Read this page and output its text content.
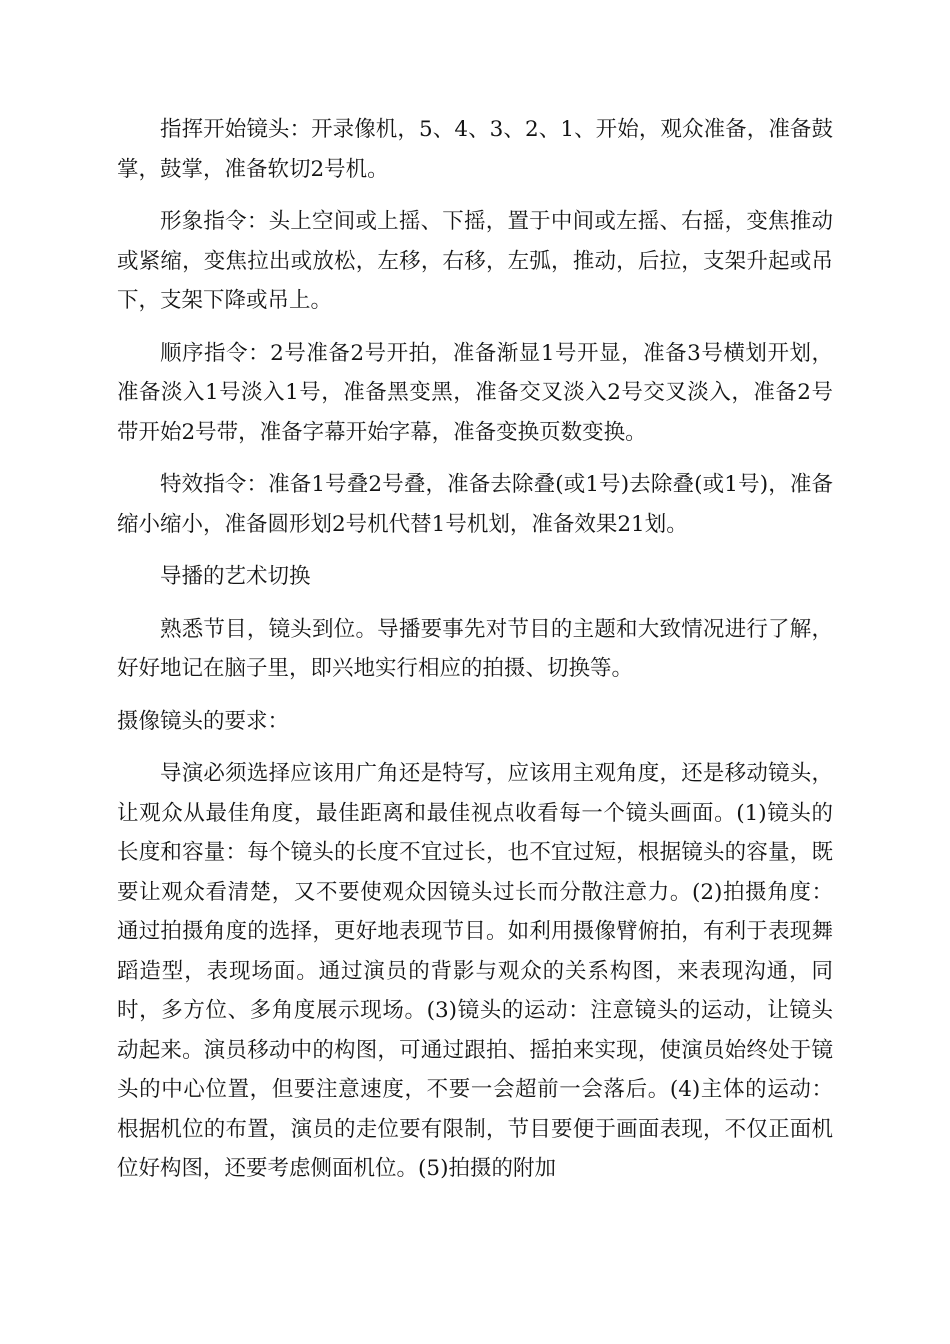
指挥开始镜头：开录像机，5、4、3、2、1、开始，观众准备，准备鼓掌，鼓掌，准备软切2号机。

形象指令：头上空间或上摇、下摇，置于中间或左摇、右摇，变焦推动或紧缩，变焦拉出或放松，左移，右移，左弧，推动，后拉，支架升起或吊下，支架下降或吊上。

顺序指令：2号准备2号开拍，准备渐显1号开显，准备3号横划开划，准备淡入1号淡入1号，准备黑变黑，准备交叉淡入2号交叉淡入，准备2号带开始2号带，准备字幕开始字幕，准备变换页数变换。

特效指令：准备1号叠2号叠，准备去除叠(或1号)去除叠(或1号)，准备缩小缩小，准备圆形划2号机代替1号机划，准备效果21划。

导播的艺术切换

熟悉节目，镜头到位。导播要事先对节目的主题和大致情况进行了解，好好地记在脑子里，即兴地实行相应的拍摄、切换等。

摄像镜头的要求：

导演必须选择应该用广角还是特写，应该用主观角度，还是移动镜头，让观众从最佳角度，最佳距离和最佳视点收看每一个镜头画面。(1)镜头的长度和容量：每个镜头的长度不宜过长，也不宜过短，根据镜头的容量，既要让观众看清楚，又不要使观众因镜头过长而分散注意力。(2)拍摄角度：通过拍摄角度的选择，更好地表现节目。如利用摄像臂俯拍，有利于表现舞蹈造型，表现场面。通过演员的背影与观众的关系构图，来表现沟通，同时，多方位、多角度展示现场。(3)镜头的运动：注意镜头的运动，让镜头动起来。演员移动中的构图，可通过跟拍、摇拍来实现，使演员始终处于镜头的中心位置，但要注意速度，不要一会超前一会落后。(4)主体的运动：根据机位的布置，演员的走位要有限制，节目要便于画面表现，不仅正面机位好构图，还要考虑侧面机位。(5)拍摄的附加
